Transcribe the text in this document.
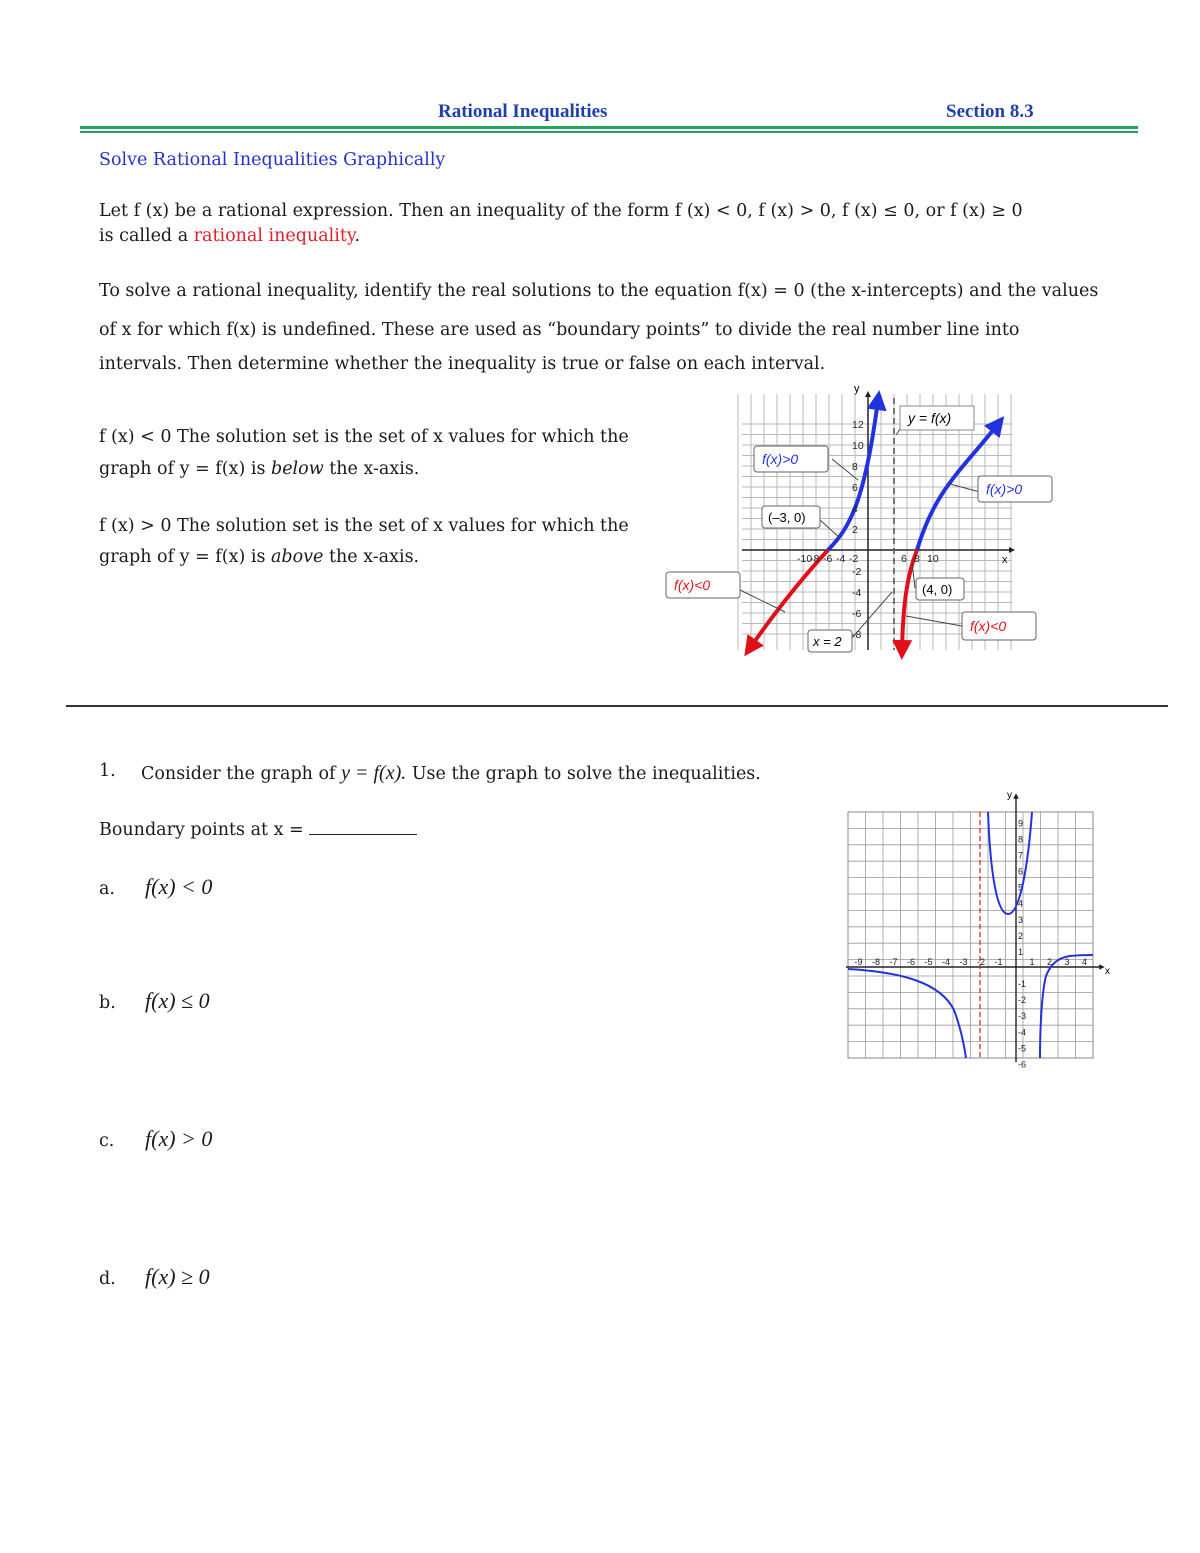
Rational Inequalities	Section 8.3
Solve Rational Inequalities Graphically
Let f (x) be a rational expression. Then an inequality of the form f (x) < 0, f (x) > 0, f (x) ≤ 0, or f (x) ≥ 0
is called a rational inequality.
To solve a rational inequality, identify the real solutions to the equation f(x) = 0 (the x-intercepts) and the values
of x for which f(x) is undefined. These are used as “boundary points” to divide the real number line into
intervals. Then determine whether the inequality is true or false on each interval.
f (x) < 0 The solution set is the set of x values for which the
graph of y = f(x) is below the x-axis.
f (x) > 0 The solution set is the set of x values for which the
graph of y = f(x) is above the x-axis.	-10
-8 -6 -4 -2	6 8 10
12
10
8
6
4
2
-2
-4
-6
-8
x
y
y = f(x)
f(x)>0
f(x)>0
(–3, 0)
f(x)<0	(4, 0)
f(x)<0
x = 2
1. Consider the graph of y = f(x). Use the graph to solve the inequalities.
Boundary points at x =
a. f(x) < 0
b. f(x) ≤ 0
c. f(x) > 0
d. f(x) ≥ 0
-9 -8 -7 -6 -5 -4 -3 -2 -1	1 2 3 4
9
8
7
6
5
4
3
2
1
-1
-2
-3
-4
-5
-6
x
y
